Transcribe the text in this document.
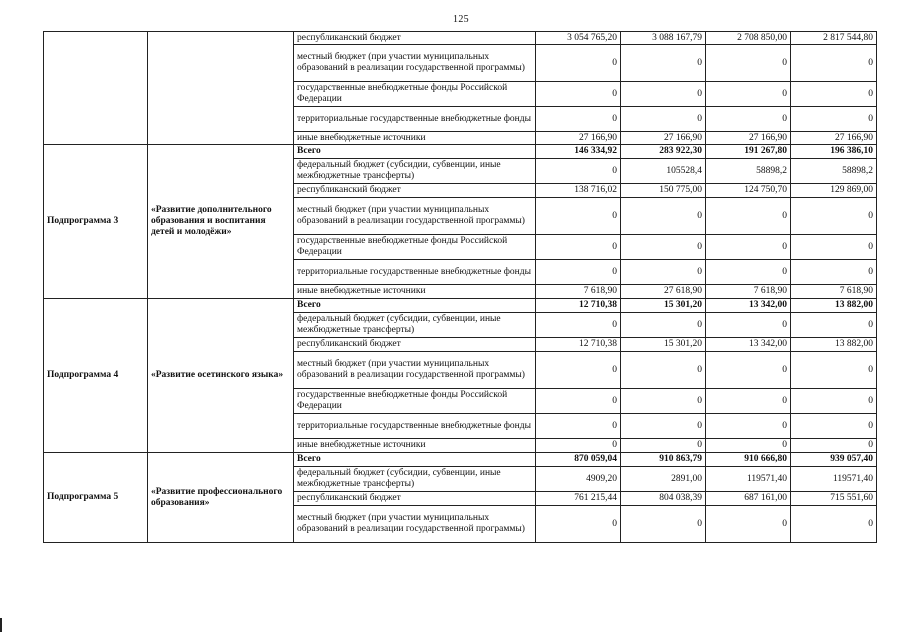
125
		республиканский бюджет	3 054 765,20	3 088 167,79	2 708 850,00	2 817 544,80
		местный бюджет (при участии муниципальных образований в реализации государственной программы)	0	0	0	0
		государственные внебюджетные фонды Российской Федерации	0	0	0	0
		территориальные государственные внебюджетные фонды	0	0	0	0
		иные внебюджетные источники	27 166,90	27 166,90	27 166,90	27 166,90
Подпрограмма 3	«Развитие дополнительного образования и воспитания детей и молодёжи»	Всего	146 334,92	283 922,30	191 267,80	196 386,10
		федеральный бюджет (субсидии, субвенции, иные межбюджетные трансферты)	0	105528,4	58898,2	58898,2
		республиканский бюджет	138 716,02	150 775,00	124 750,70	129 869,00
		местный бюджет (при участии муниципальных образований в реализации государственной программы)	0	0	0	0
		государственные внебюджетные фонды Российской Федерации	0	0	0	0
		территориальные государственные внебюджетные фонды	0	0	0	0
		иные внебюджетные источники	7 618,90	27 618,90	7 618,90	7 618,90
Подпрограмма 4	«Развитие осетинского языка»	Всего	12 710,38	15 301,20	13 342,00	13 882,00
		федеральный бюджет (субсидии, субвенции, иные межбюджетные трансферты)	0	0	0	0
		республиканский бюджет	12 710,38	15 301,20	13 342,00	13 882,00
		местный бюджет (при участии муниципальных образований в реализации государственной программы)	0	0	0	0
		государственные внебюджетные фонды Российской Федерации	0	0	0	0
		территориальные государственные внебюджетные фонды	0	0	0	0
		иные внебюджетные источники	0	0	0	0
Подпрограмма 5	«Развитие профессионального образования»	Всего	870 059,04	910 863,79	910 666,80	939 057,40
		федеральный бюджет (субсидии, субвенции, иные межбюджетные трансферты)	4909,20	2891,00	119571,40	119571,40
		республиканский бюджет	761 215,44	804 038,39	687 161,00	715 551,60
		местный бюджет (при участии муниципальных образований в реализации государственной программы)	0	0	0	0
